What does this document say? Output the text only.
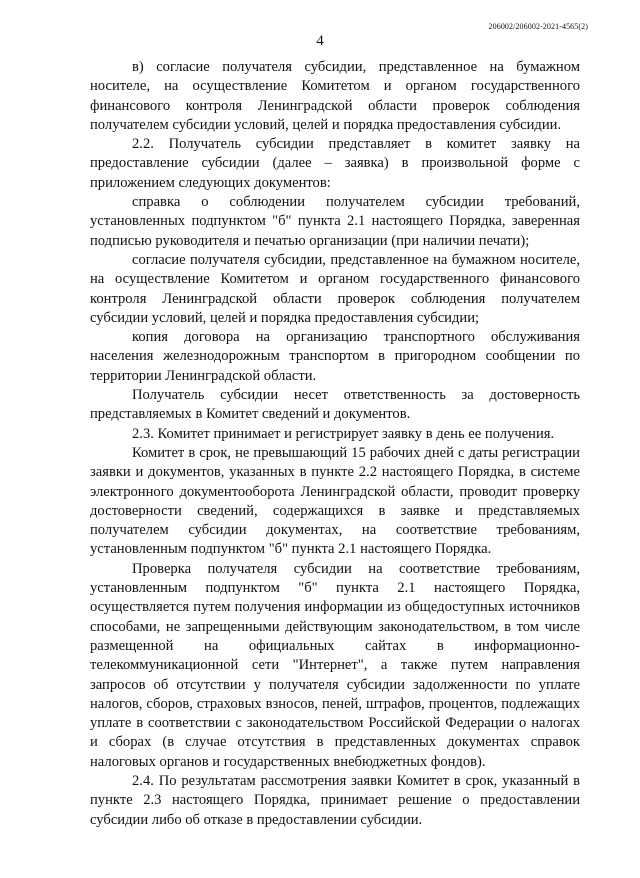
206002/206002-2021-4565(2)
4

в) согласие получателя субсидии, представленное на бумажном носителе, на осуществление Комитетом и органом государственного финансового контроля Ленинградской области проверок соблюдения получателем субсидии условий, целей и порядка предоставления субсидии.

2.2. Получатель субсидии представляет в комитет заявку на предоставление субсидии (далее – заявка) в произвольной форме с приложением следующих документов:

справка о соблюдении получателем субсидии требований, установленных подпунктом "б" пункта 2.1 настоящего Порядка, заверенная подписью руководителя и печатью организации (при наличии печати);

согласие получателя субсидии, представленное на бумажном носителе, на осуществление Комитетом и органом государственного финансового контроля Ленинградской области проверок соблюдения получателем субсидии условий, целей и порядка предоставления субсидии;

копия договора на организацию транспортного обслуживания населения железнодорожным транспортом в пригородном сообщении по территории Ленинградской области.

Получатель субсидии несет ответственность за достоверность представляемых в Комитет сведений и документов.

2.3. Комитет принимает и регистрирует заявку в день ее получения.

Комитет в срок, не превышающий 15 рабочих дней с даты регистрации заявки и документов, указанных в пункте 2.2 настоящего Порядка, в системе электронного документооборота Ленинградской области, проводит проверку достоверности сведений, содержащихся в заявке и представляемых получателем субсидии документах, на соответствие требованиям, установленным подпунктом "б" пункта 2.1 настоящего Порядка.

Проверка получателя субсидии на соответствие требованиям, установленным подпунктом "б" пункта 2.1 настоящего Порядка, осуществляется путем получения информации из общедоступных источников способами, не запрещенными действующим законодательством, в том числе размещенной на официальных сайтах в информационно-телекоммуникационной сети "Интернет", а также путем направления запросов об отсутствии у получателя субсидии задолженности по уплате налогов, сборов, страховых взносов, пеней, штрафов, процентов, подлежащих уплате в соответствии с законодательством Российской Федерации о налогах и сборах (в случае отсутствия в представленных документах справок налоговых органов и государственных внебюджетных фондов).

2.4. По результатам рассмотрения заявки Комитет в срок, указанный в пункте 2.3 настоящего Порядка, принимает решение о предоставлении субсидии либо об отказе в предоставлении субсидии.
